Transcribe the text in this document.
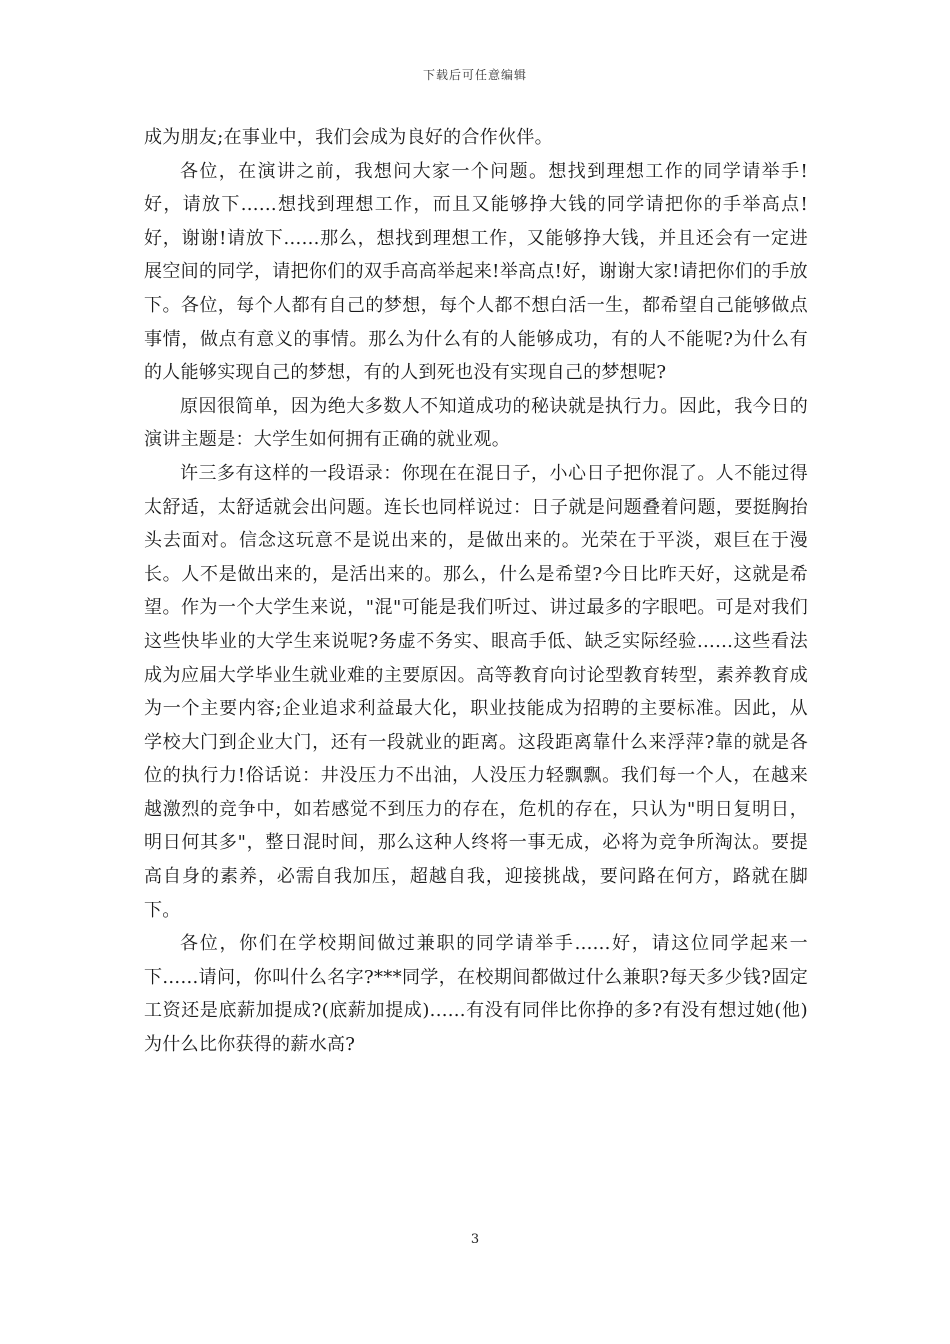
下载后可任意编辑

成为朋友;在事业中，我们会成为良好的合作伙伴。

各位，在演讲之前，我想问大家一个问题。想找到理想工作的同学请举手!好，请放下......想找到理想工作，而且又能够挣大钱的同学请把你的手举高点!好，谢谢!请放下......那么，想找到理想工作，又能够挣大钱，并且还会有一定进展空间的同学，请把你们的双手高高举起来!举高点!好，谢谢大家!请把你们的手放下。各位，每个人都有自己的梦想，每个人都不想白活一生，都希望自己能够做点事情，做点有意义的事情。那么为什么有的人能够成功，有的人不能呢?为什么有的人能够实现自己的梦想，有的人到死也没有实现自己的梦想呢?

原因很简单，因为绝大多数人不知道成功的秘诀就是执行力。因此，我今日的演讲主题是：大学生如何拥有正确的就业观。

许三多有这样的一段语录：你现在在混日子，小心日子把你混了。人不能过得太舒适，太舒适就会出问题。连长也同样说过：日子就是问题叠着问题，要挺胸抬头去面对。信念这玩意不是说出来的，是做出来的。光荣在于平淡，艰巨在于漫长。人不是做出来的，是活出来的。那么，什么是希望?今日比昨天好，这就是希望。作为一个大学生来说，"混"可能是我们听过、讲过最多的字眼吧。可是对我们这些快毕业的大学生来说呢?务虚不务实、眼高手低、缺乏实际经验......这些看法成为应届大学毕业生就业难的主要原因。高等教育向讨论型教育转型，素养教育成为一个主要内容;企业追求利益最大化，职业技能成为招聘的主要标准。因此，从学校大门到企业大门，还有一段就业的距离。这段距离靠什么来浮萍?靠的就是各位的执行力!俗话说：井没压力不出油，人没压力轻飘飘。我们每一个人，在越来越激烈的竞争中，如若感觉不到压力的存在，危机的存在，只认为"明日复明日，明日何其多"，整日混时间，那么这种人终将一事无成，必将为竞争所淘汰。要提高自身的素养，必需自我加压，超越自我，迎接挑战，要问路在何方，路就在脚下。

各位，你们在学校期间做过兼职的同学请举手......好，请这位同学起来一下......请问，你叫什么名字?***同学，在校期间都做过什么兼职?每天多少钱?固定工资还是底薪加提成?(底薪加提成)......有没有同伴比你挣的多?有没有想过她(他)为什么比你获得的薪水高?

3
